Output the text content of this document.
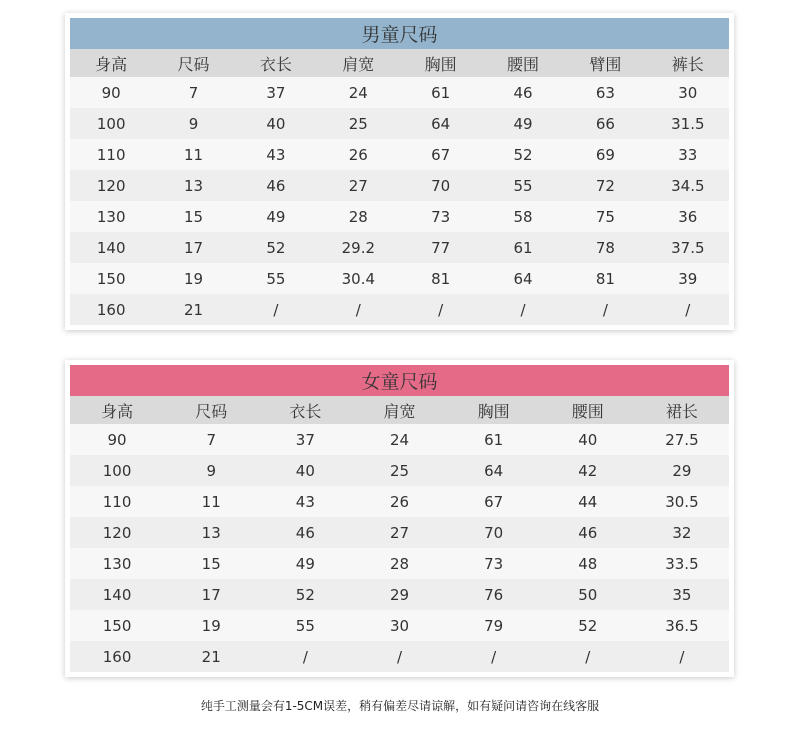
男童尺码
身高	尺码	衣长	肩宽	胸围	腰围	臂围	裤长
90	7	37	24	61	46	63	30
100	9	40	25	64	49	66	31.5
110	11	43	26	67	52	69	33
120	13	46	27	70	55	72	34.5
130	15	49	28	73	58	75	36
140	17	52	29.2	77	61	78	37.5
150	19	55	30.4	81	64	81	39
160	21	/	/	/	/	/	/
女童尺码
身高	尺码	衣长	肩宽	胸围	腰围	裙长
90	7	37	24	61	40	27.5
100	9	40	25	64	42	29
110	11	43	26	67	44	30.5
120	13	46	27	70	46	32
130	15	49	28	73	48	33.5
140	17	52	29	76	50	35
150	19	55	30	79	52	36.5
160	21	/	/	/	/	/
纯手工测量会有1-5CM误差，稍有偏差尽请谅解，如有疑问请咨询在线客服
